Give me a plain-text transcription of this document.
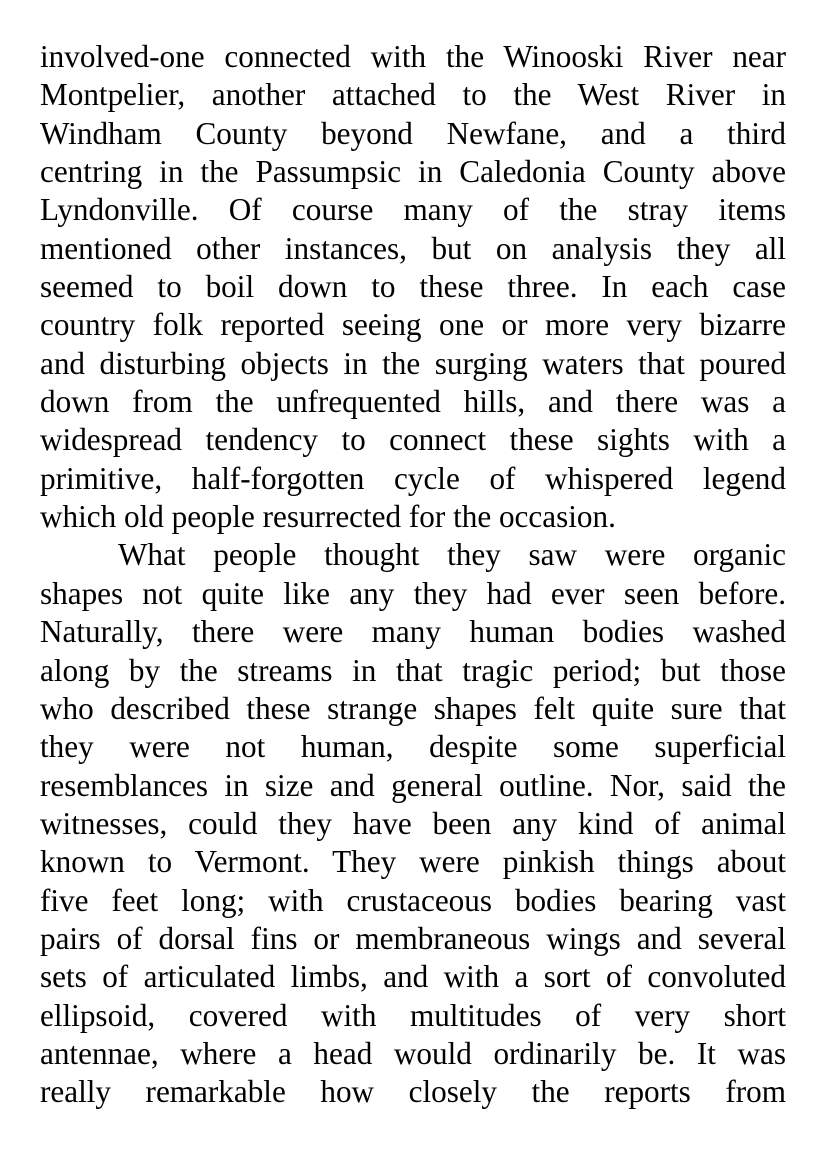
involved-one connected with the Winooski River near
Montpelier, another attached to the West River in
Windham County beyond Newfane, and a third
centring in the Passumpsic in Caledonia County above
Lyndonville. Of course many of the stray items
mentioned other instances, but on analysis they all
seemed to boil down to these three. In each case
country folk reported seeing one or more very bizarre
and disturbing objects in the surging waters that poured
down from the unfrequented hills, and there was a
widespread tendency to connect these sights with a
primitive, half-forgotten cycle of whispered legend
which old people resurrected for the occasion.
What people thought they saw were organic
shapes not quite like any they had ever seen before.
Naturally, there were many human bodies washed
along by the streams in that tragic period; but those
who described these strange shapes felt quite sure that
they were not human, despite some superficial
resemblances in size and general outline. Nor, said the
witnesses, could they have been any kind of animal
known to Vermont. They were pinkish things about
five feet long; with crustaceous bodies bearing vast
pairs of dorsal fins or membraneous wings and several
sets of articulated limbs, and with a sort of convoluted
ellipsoid, covered with multitudes of very short
antennae, where a head would ordinarily be. It was
really remarkable how closely the reports from
